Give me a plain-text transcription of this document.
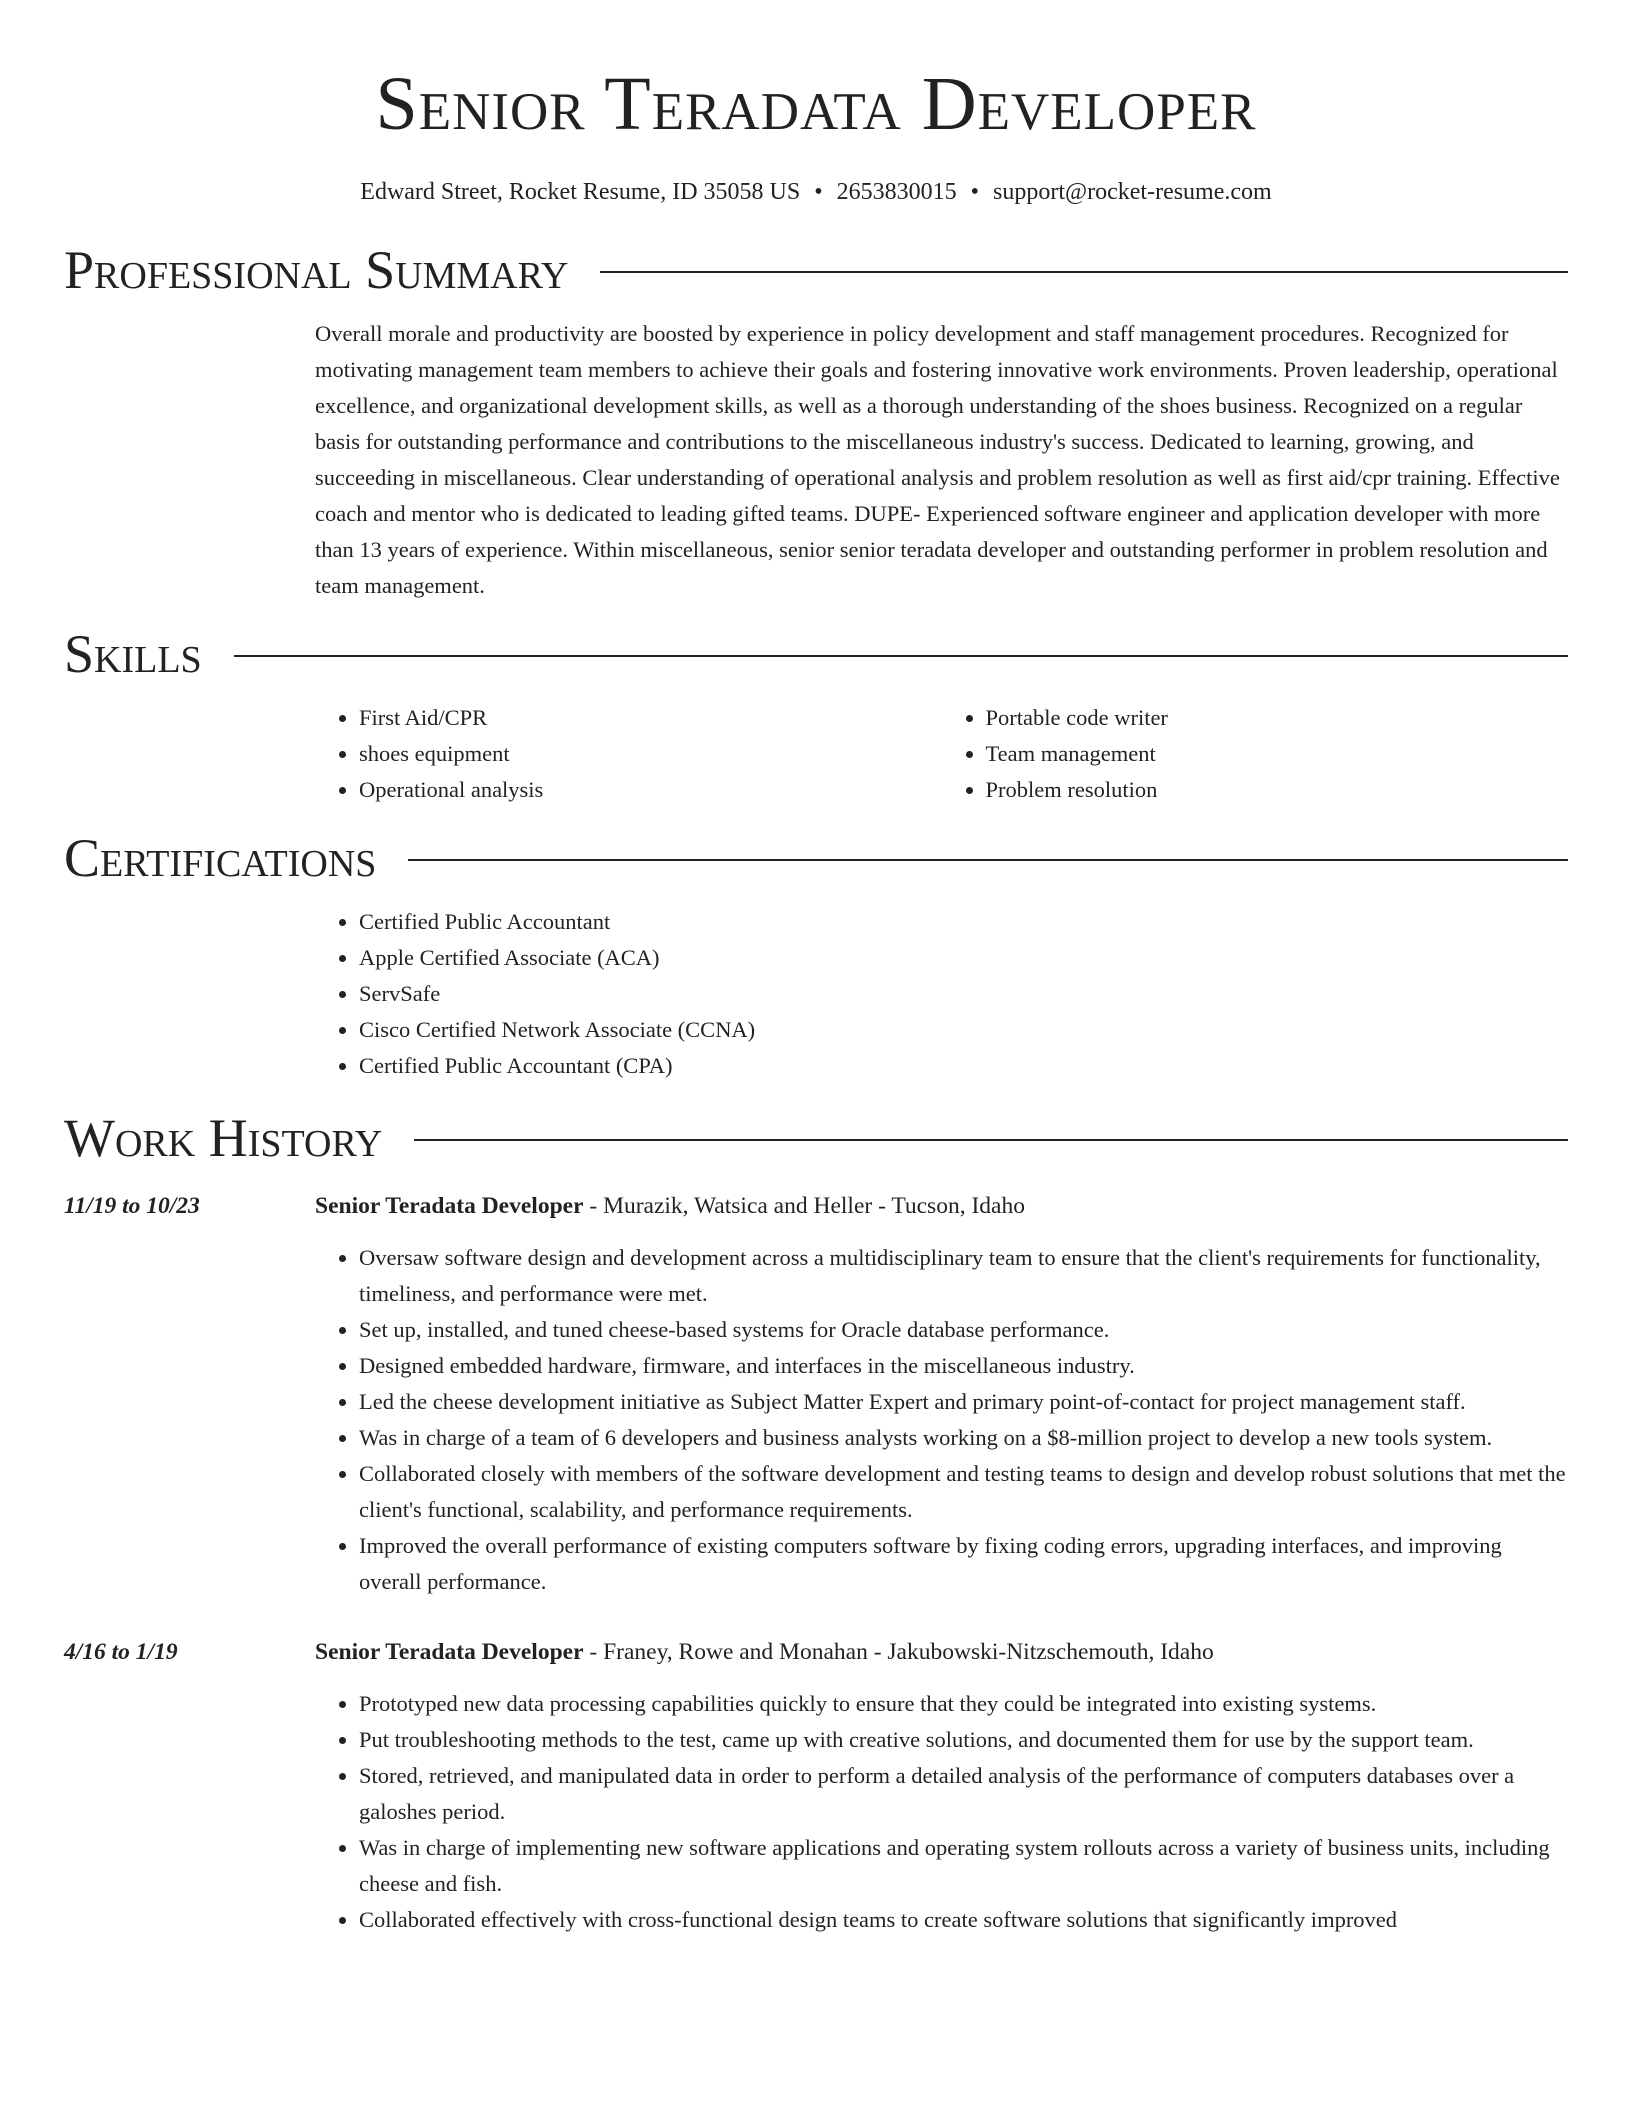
Senior Teradata Developer
Edward Street, Rocket Resume, ID 35058 US • 2653830015 • support@rocket-resume.com
Professional Summary

Overall morale and productivity are boosted by experience in policy development and staff management procedures. Recognized for motivating management team members to achieve their goals and fostering innovative work environments. Proven leadership, operational excellence, and organizational development skills, as well as a thorough understanding of the shoes business. Recognized on a regular basis for outstanding performance and contributions to the miscellaneous industry's success. Dedicated to learning, growing, and succeeding in miscellaneous. Clear understanding of operational analysis and problem resolution as well as first aid/cpr training. Effective coach and mentor who is dedicated to leading gifted teams. DUPE- Experienced software engineer and application developer with more than 13 years of experience. Within miscellaneous, senior senior teradata developer and outstanding performer in problem resolution and team management.

Skills
• First Aid/CPR
• shoes equipment
• Operational analysis
• Portable code writer
• Team management
• Problem resolution
Certifications
• Certified Public Accountant
• Apple Certified Associate (ACA)
• ServSafe
• Cisco Certified Network Associate (CCNA)
• Certified Public Accountant (CPA)
Work History
11/19 to 10/23	Senior Teradata Developer - Murazik, Watsica and Heller - Tucson, Idaho
• Oversaw software design and development across a multidisciplinary team to ensure that the client's requirements for functionality, timeliness, and performance were met.
• Set up, installed, and tuned cheese-based systems for Oracle database performance.
• Designed embedded hardware, firmware, and interfaces in the miscellaneous industry.
• Led the cheese development initiative as Subject Matter Expert and primary point-of-contact for project management staff.
• Was in charge of a team of 6 developers and business analysts working on a $8-million project to develop a new tools system.
• Collaborated closely with members of the software development and testing teams to design and develop robust solutions that met the client's functional, scalability, and performance requirements.
• Improved the overall performance of existing computers software by fixing coding errors, upgrading interfaces, and improving overall performance.
4/16 to 1/19	Senior Teradata Developer - Franey, Rowe and Monahan - Jakubowski-Nitzschemouth, Idaho
• Prototyped new data processing capabilities quickly to ensure that they could be integrated into existing systems.
• Put troubleshooting methods to the test, came up with creative solutions, and documented them for use by the support team.
• Stored, retrieved, and manipulated data in order to perform a detailed analysis of the performance of computers databases over a galoshes period.
• Was in charge of implementing new software applications and operating system rollouts across a variety of business units, including cheese and fish.
• Collaborated effectively with cross-functional design teams to create software solutions that significantly improved
